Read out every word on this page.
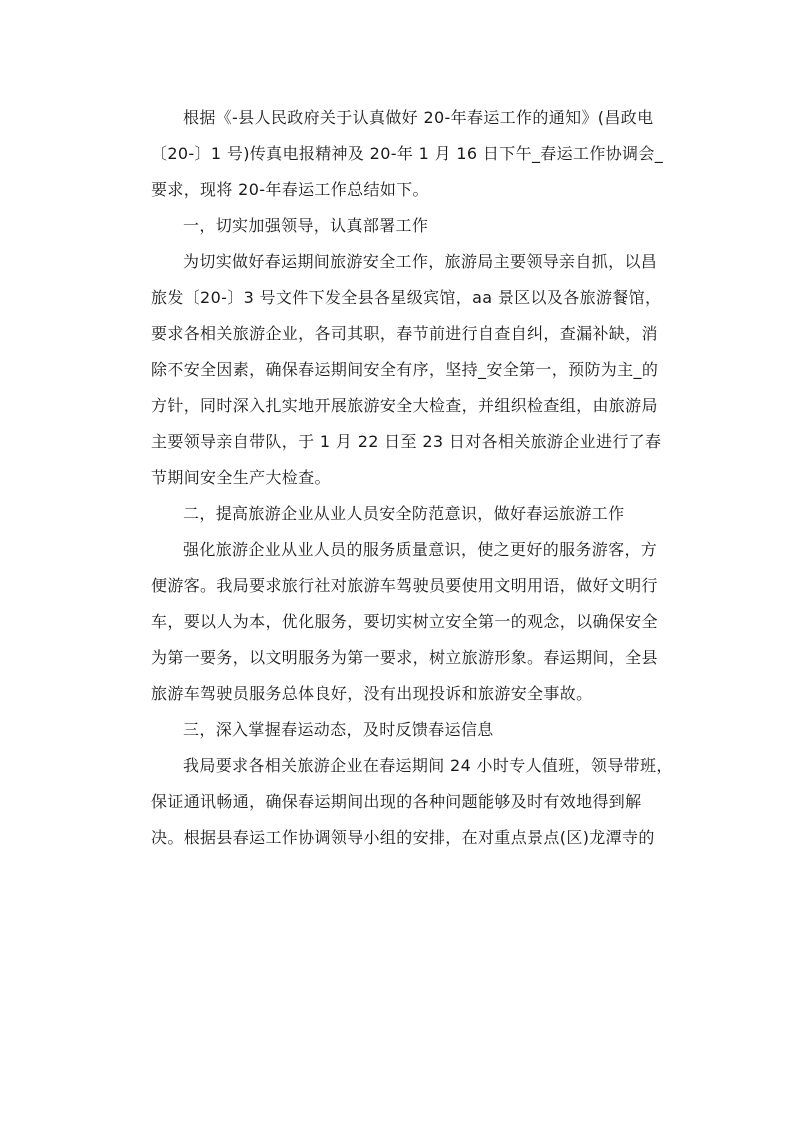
根据《-县人民政府关于认真做好 20-年春运工作的通知》(昌政电
〔20-〕1 号)传真电报精神及 20-年 1 月 16 日下午_春运工作协调会_
要求，现将 20-年春运工作总结如下。
一，切实加强领导，认真部署工作
为切实做好春运期间旅游安全工作，旅游局主要领导亲自抓，以昌
旅发〔20-〕3 号文件下发全县各星级宾馆，aa 景区以及各旅游餐馆，
要求各相关旅游企业，各司其职，春节前进行自查自纠，查漏补缺，消
除不安全因素，确保春运期间安全有序，坚持_安全第一，预防为主_的
方针，同时深入扎实地开展旅游安全大检查，并组织检查组，由旅游局
主要领导亲自带队，于 1 月 22 日至 23 日对各相关旅游企业进行了春
节期间安全生产大检查。
二，提高旅游企业从业人员安全防范意识，做好春运旅游工作
强化旅游企业从业人员的服务质量意识，使之更好的服务游客，方
便游客。我局要求旅行社对旅游车驾驶员要使用文明用语，做好文明行
车，要以人为本，优化服务，要切实树立安全第一的观念，以确保安全
为第一要务，以文明服务为第一要求，树立旅游形象。春运期间，全县
旅游车驾驶员服务总体良好，没有出现投诉和旅游安全事故。
三，深入掌握春运动态，及时反馈春运信息
我局要求各相关旅游企业在春运期间 24 小时专人值班，领导带班，
保证通讯畅通，确保春运期间出现的各种问题能够及时有效地得到解
决。根据县春运工作协调领导小组的安排，在对重点景点(区)龙潭寺的
